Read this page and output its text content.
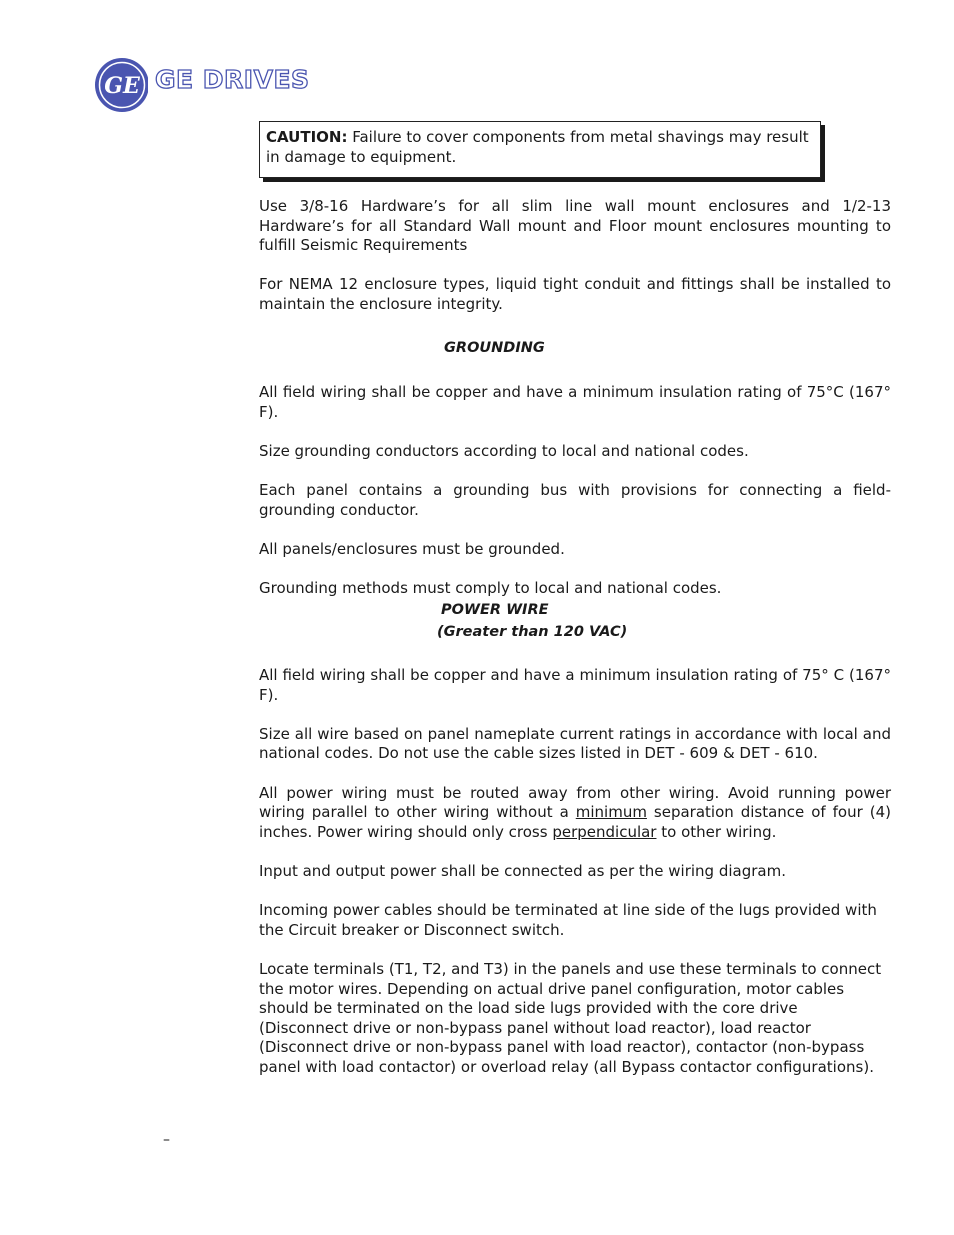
GE GE DRIVES
CAUTION: Failure to cover components from metal shavings may result in damage to equipment.

Use 3/8-16 Hardware’s for all slim line wall mount enclosures and 1/2-13 Hardware’s for all Standard Wall mount and Floor mount enclosures mounting to fulfill Seismic Requirements

For NEMA 12 enclosure types, liquid tight conduit and fittings shall be installed to maintain the enclosure integrity.

GROUNDING

All field wiring shall be copper and have a minimum insulation rating of 75°C (167° F).

Size grounding conductors according to local and national codes.

Each panel contains a grounding bus with provisions for connecting a field-grounding conductor.

All panels/enclosures must be grounded.

Grounding methods must comply to local and national codes.

POWER WIRE
(Greater than 120 VAC)

All field wiring shall be copper and have a minimum insulation rating of 75° C (167° F).

Size all wire based on panel nameplate current ratings in accordance with local and national codes. Do not use the cable sizes listed in DET - 609 & DET - 610.

All power wiring must be routed away from other wiring. Avoid running power wiring parallel to other wiring without a minimum separation distance of four (4) inches. Power wiring should only cross perpendicular to other wiring.

Input and output power shall be connected as per the wiring diagram.

Incoming power cables should be terminated at line side of the lugs provided with the Circuit breaker or Disconnect switch.

Locate terminals (T1, T2, and T3) in the panels and use these terminals to connect the motor wires. Depending on actual drive panel configuration, motor cables should be terminated on the load side lugs provided with the core drive (Disconnect drive or non-bypass panel without load reactor), load reactor (Disconnect drive or non-bypass panel with load reactor), contactor (non-bypass panel with load contactor) or overload relay (all Bypass contactor configurations).

–
